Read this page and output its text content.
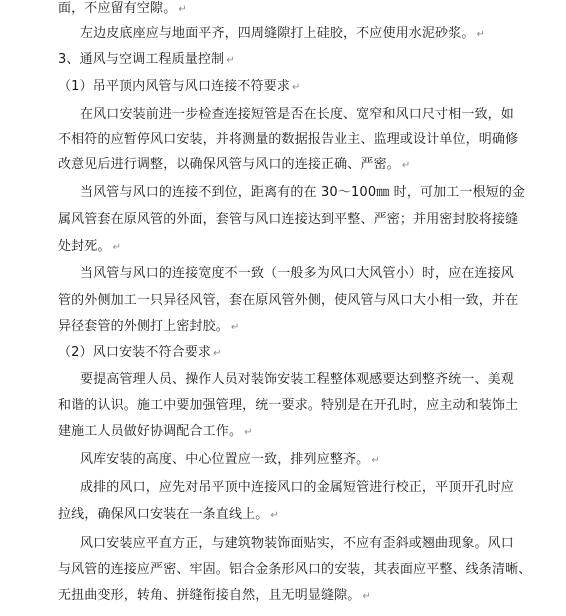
面，不应留有空隙。 ↵
左边皮底座应与地面平齐，四周缝隙打上硅胶，不应使用水泥砂浆。 ↵
3、通风与空调工程质量控制 ↵
（1）吊平顶内风管与风口连接不符要求 ↵
在风口安装前进一步检查连接短管是否在长度、宽窄和风口尺寸相一致，如
不相符的应暂停风口安装，并将测量的数据报告业主、监理或设计单位，明确修
改意见后进行调整，以确保风管与风口的连接正确、严密。 ↵
当风管与风口的连接不到位，距离有的在 30～100㎜ 时，可加工一根短的金
属风管套在原风管的外面，套管与风口连接达到平整、严密；并用密封胶将接缝
处封死。 ↵
当风管与风口的连接宽度不一致（一般多为风口大风管小）时，应在连接风
管的外侧加工一只异径风管，套在原风管外侧，使风管与风口大小相一致，并在
异径套管的外侧打上密封胶。 ↵
（2）风口安装不符合要求 ↵
要提高管理人员、操作人员对装饰安装工程整体观感要达到整齐统一、美观
和谐的认识。施工中要加强管理，统一要求。特别是在开孔时，应主动和装饰土
建施工人员做好协调配合工作。 ↵
风库安装的高度、中心位置应一致，排列应整齐。 ↵
成排的风口，应先对吊平顶中连接风口的金属短管进行校正，平顶开孔时应
拉线，确保风口安装在一条直线上。 ↵
风口安装应平直方正，与建筑物装饰面贴实，不应有歪斜或翘曲现象。风口
与风管的连接应严密、牢固。铝合金条形风口的安装，其表面应平整、线条清晰、
无扭曲变形，转角、拼缝衔接自然，且无明显缝隙。 ↵
